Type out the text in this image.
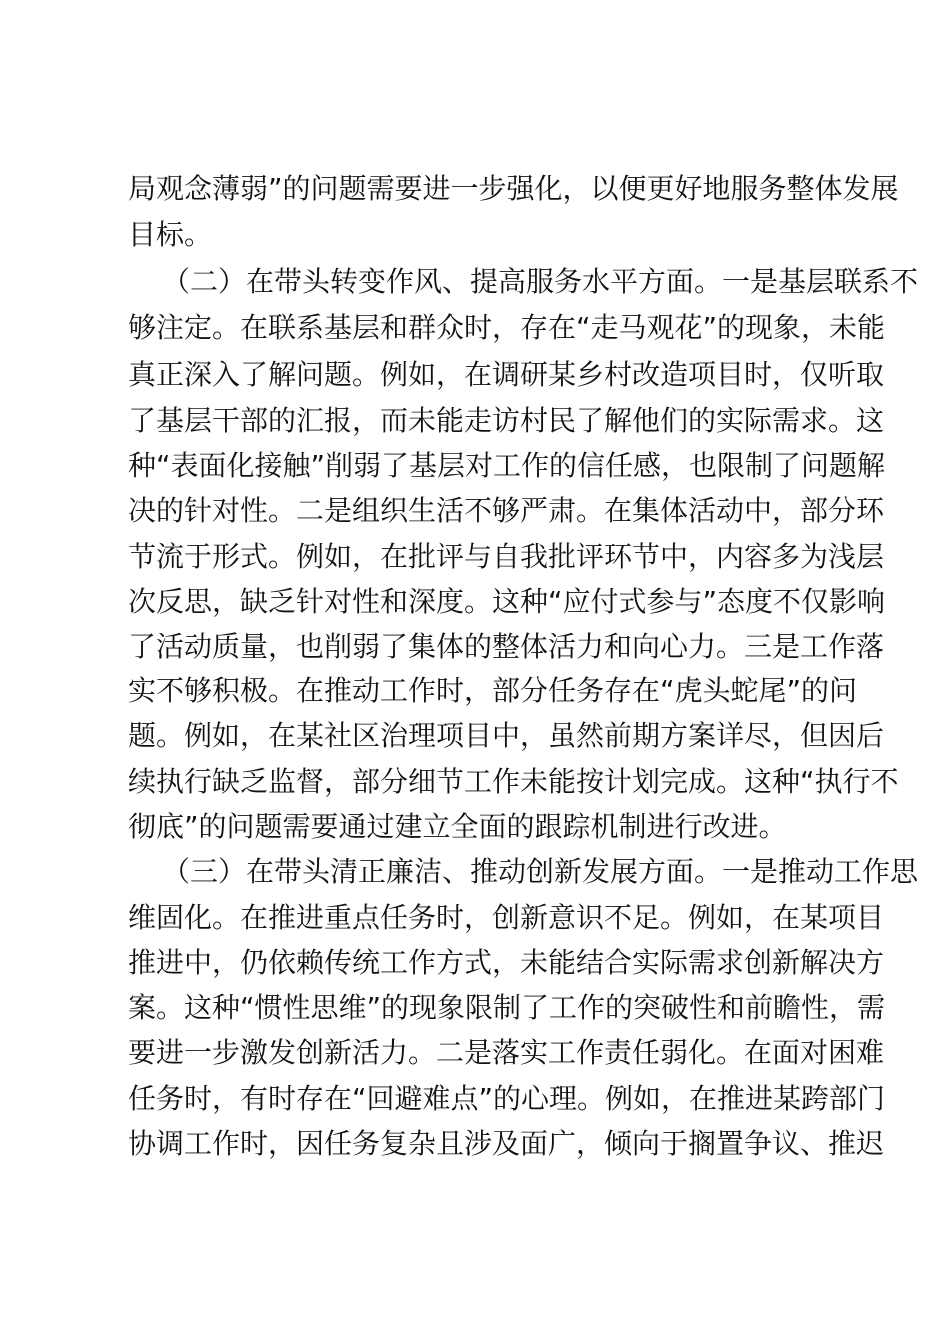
局观念薄弱”的问题需要进一步强化，以便更好地服务整体发展
目标。
（二）在带头转变作风、提高服务水平方面。一是基层联系不
够注定。在联系基层和群众时，存在“走马观花”的现象，未能
真正深入了解问题。例如，在调研某乡村改造项目时，仅听取
了基层干部的汇报，而未能走访村民了解他们的实际需求。这
种“表面化接触”削弱了基层对工作的信任感，也限制了问题解
决的针对性。二是组织生活不够严肃。在集体活动中，部分环
节流于形式。例如，在批评与自我批评环节中，内容多为浅层
次反思，缺乏针对性和深度。这种“应付式参与”态度不仅影响
了活动质量，也削弱了集体的整体活力和向心力。三是工作落
实不够积极。在推动工作时，部分任务存在“虎头蛇尾”的问
题。例如，在某社区治理项目中，虽然前期方案详尽，但因后
续执行缺乏监督，部分细节工作未能按计划完成。这种“执行不
彻底”的问题需要通过建立全面的跟踪机制进行改进。
（三）在带头清正廉洁、推动创新发展方面。一是推动工作思
维固化。在推进重点任务时，创新意识不足。例如，在某项目
推进中，仍依赖传统工作方式，未能结合实际需求创新解决方
案。这种“惯性思维”的现象限制了工作的突破性和前瞻性，需
要进一步激发创新活力。二是落实工作责任弱化。在面对困难
任务时，有时存在“回避难点”的心理。例如，在推进某跨部门
协调工作时，因任务复杂且涉及面广，倾向于搁置争议、推迟
